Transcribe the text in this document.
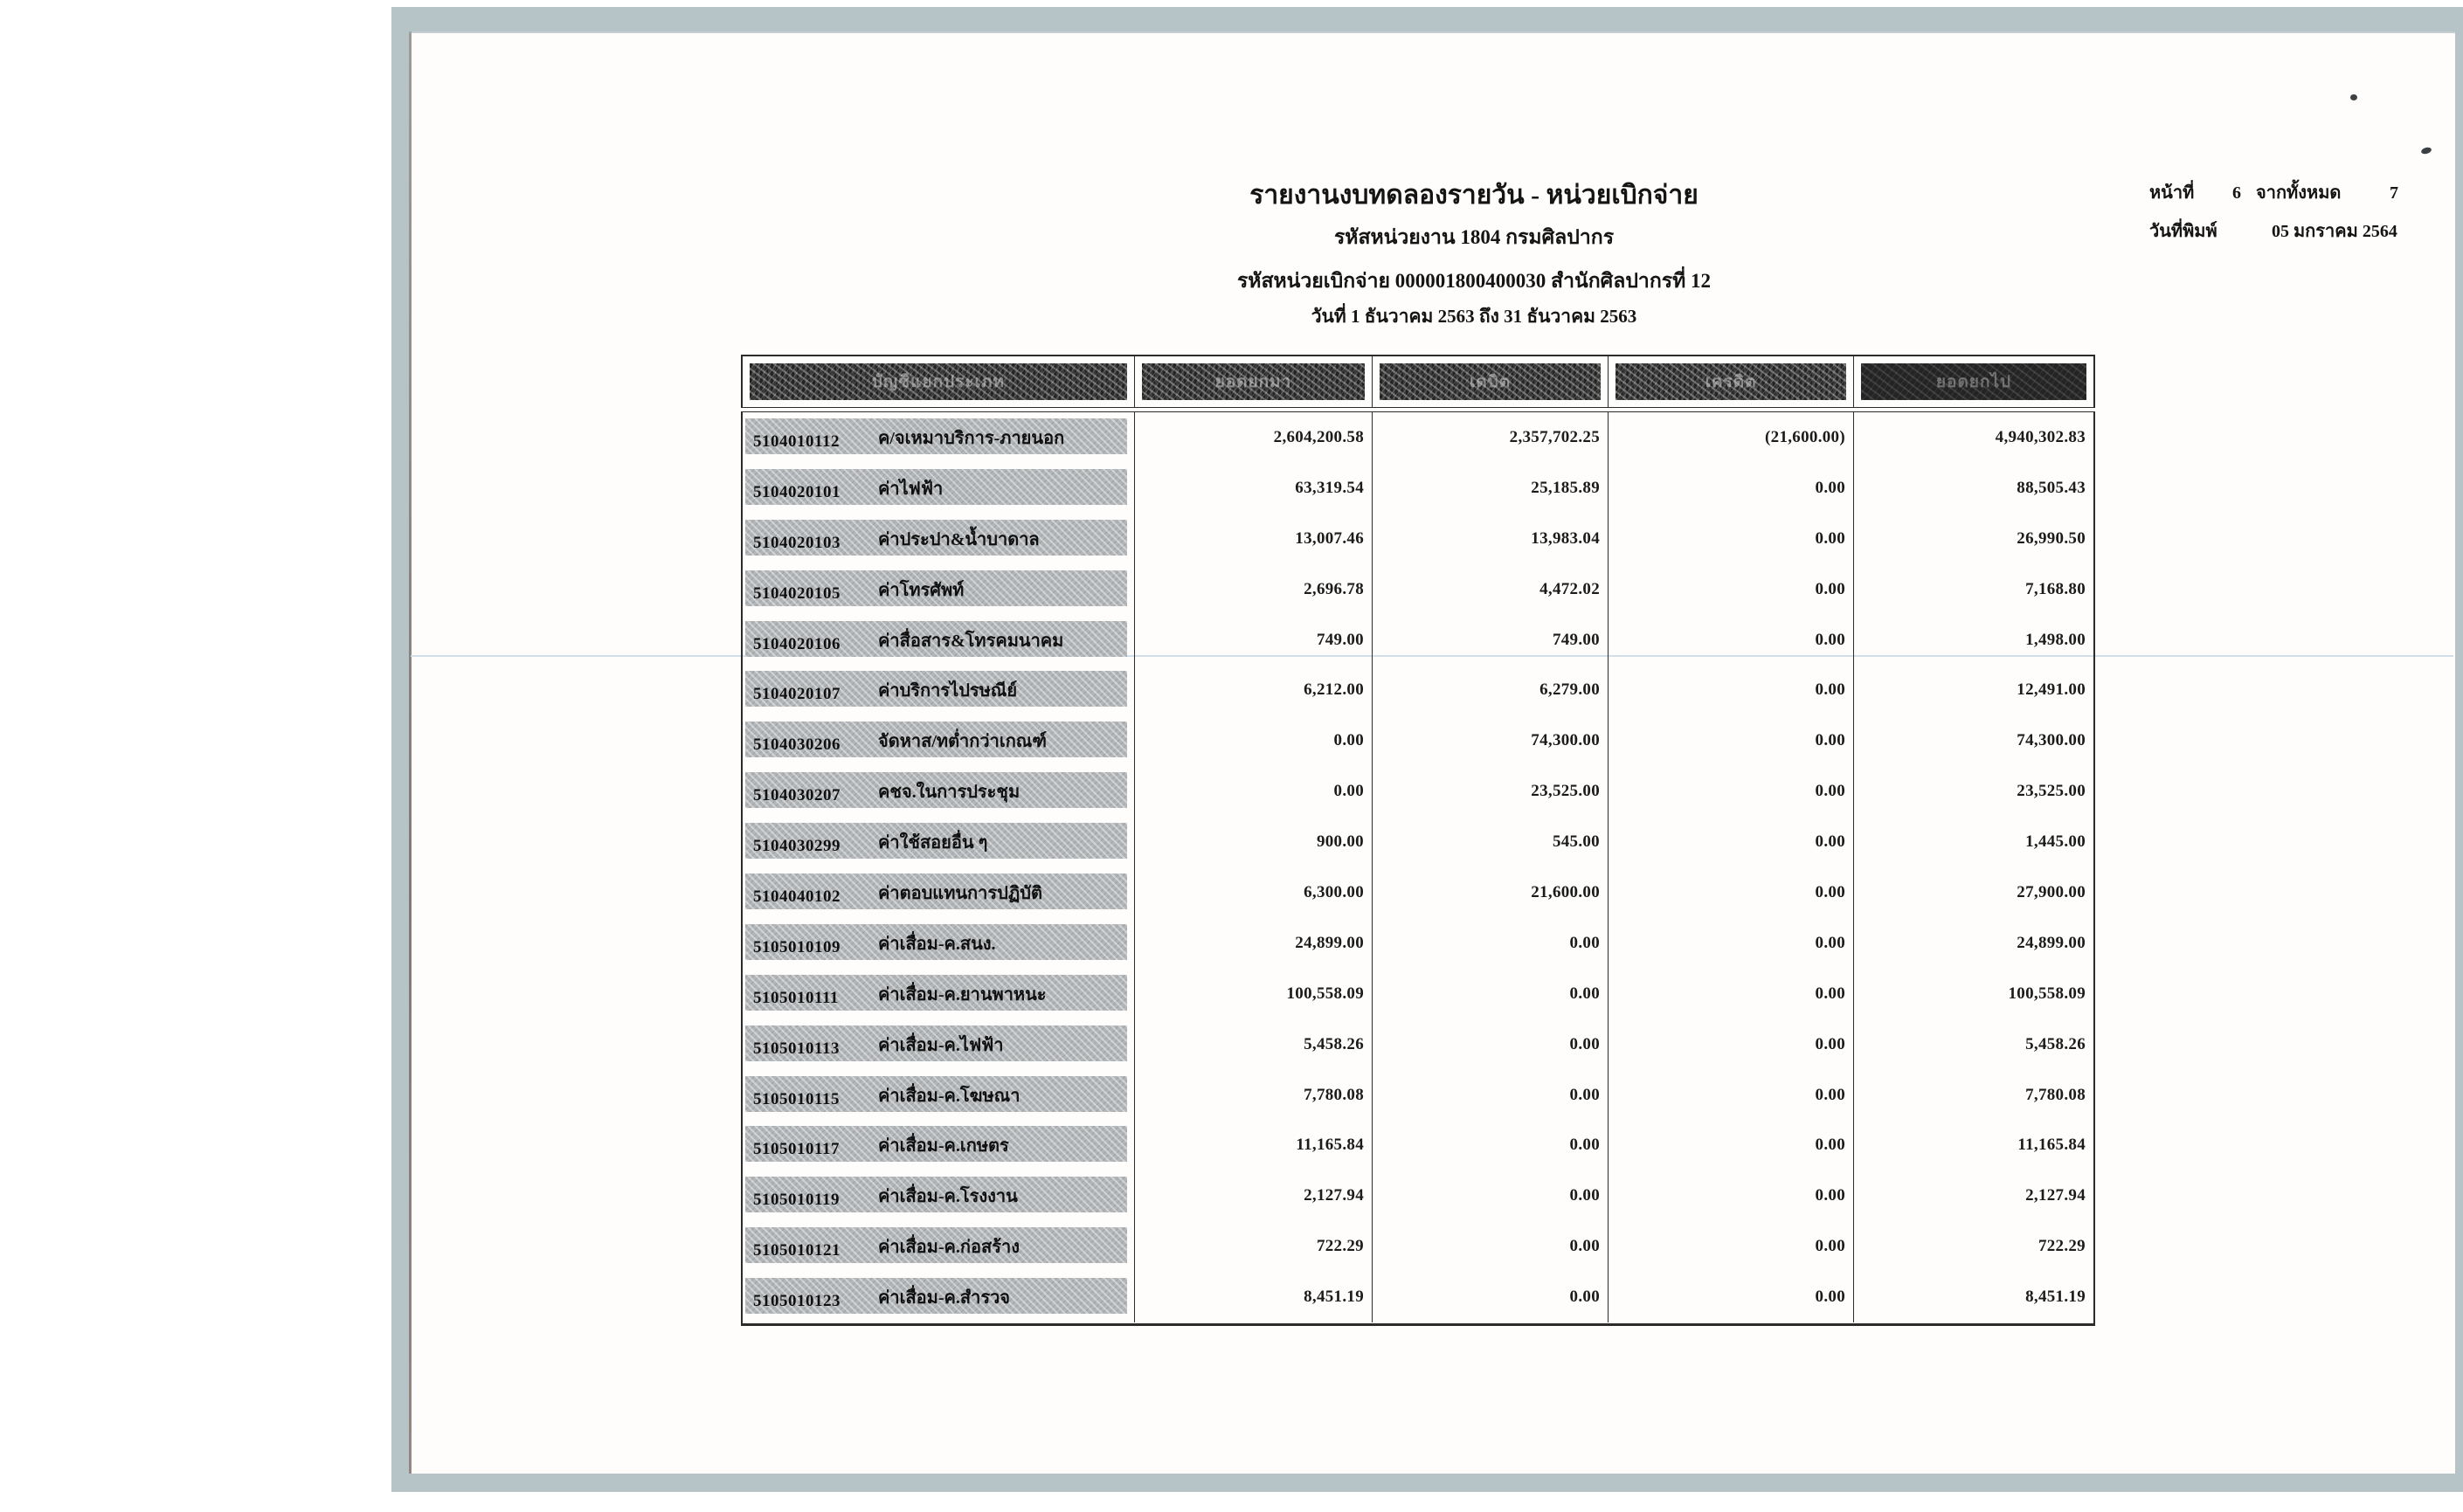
รายงานงบทดลองรายวัน - หน่วยเบิกจ่าย
รหัสหน่วยงาน 1804 กรมศิลปากร
รหัสหน่วยเบิกจ่าย 000001800400030 สำนักศิลปากรที่ 12
วันที่ 1 ธันวาคม 2563 ถึง 31 ธันวาคม 2563
หน้าที่	6 จากทั้งหมด	7
วันที่พิมพ์	05 มกราคม 2564
บัญชีแยกประเภท	ยอดยกมา	เดบิต	เครดิต	ยอดยกไป
5104010112	ค/จเหมาบริการ-ภายนอก	2,604,200.58	2,357,702.25	(21,600.00)	4,940,302.83
5104020101	ค่าไฟฟ้า	63,319.54	25,185.89	0.00	88,505.43
5104020103	ค่าประปา&น้ำบาดาล	13,007.46	13,983.04	0.00	26,990.50
5104020105	ค่าโทรศัพท์	2,696.78	4,472.02	0.00	7,168.80
5104020106	ค่าสื่อสาร&โทรคมนาคม	749.00	749.00	0.00	1,498.00
5104020107	ค่าบริการไปรษณีย์	6,212.00	6,279.00	0.00	12,491.00
5104030206	จัดหาส/ทต่ำกว่าเกณฑ์	0.00	74,300.00	0.00	74,300.00
5104030207	คชจ.ในการประชุม	0.00	23,525.00	0.00	23,525.00
5104030299	ค่าใช้สอยอื่น ๆ	900.00	545.00	0.00	1,445.00
5104040102	ค่าตอบแทนการปฏิบัติ	6,300.00	21,600.00	0.00	27,900.00
5105010109	ค่าเสื่อม-ค.สนง.	24,899.00	0.00	0.00	24,899.00
5105010111	ค่าเสื่อม-ค.ยานพาหนะ	100,558.09	0.00	0.00	100,558.09
5105010113	ค่าเสื่อม-ค.ไฟฟ้า	5,458.26	0.00	0.00	5,458.26
5105010115	ค่าเสื่อม-ค.โฆษณา	7,780.08	0.00	0.00	7,780.08
5105010117	ค่าเสื่อม-ค.เกษตร	11,165.84	0.00	0.00	11,165.84
5105010119	ค่าเสื่อม-ค.โรงงาน	2,127.94	0.00	0.00	2,127.94
5105010121	ค่าเสื่อม-ค.ก่อสร้าง	722.29	0.00	0.00	722.29
5105010123	ค่าเสื่อม-ค.สำรวจ	8,451.19	0.00	0.00	8,451.19
